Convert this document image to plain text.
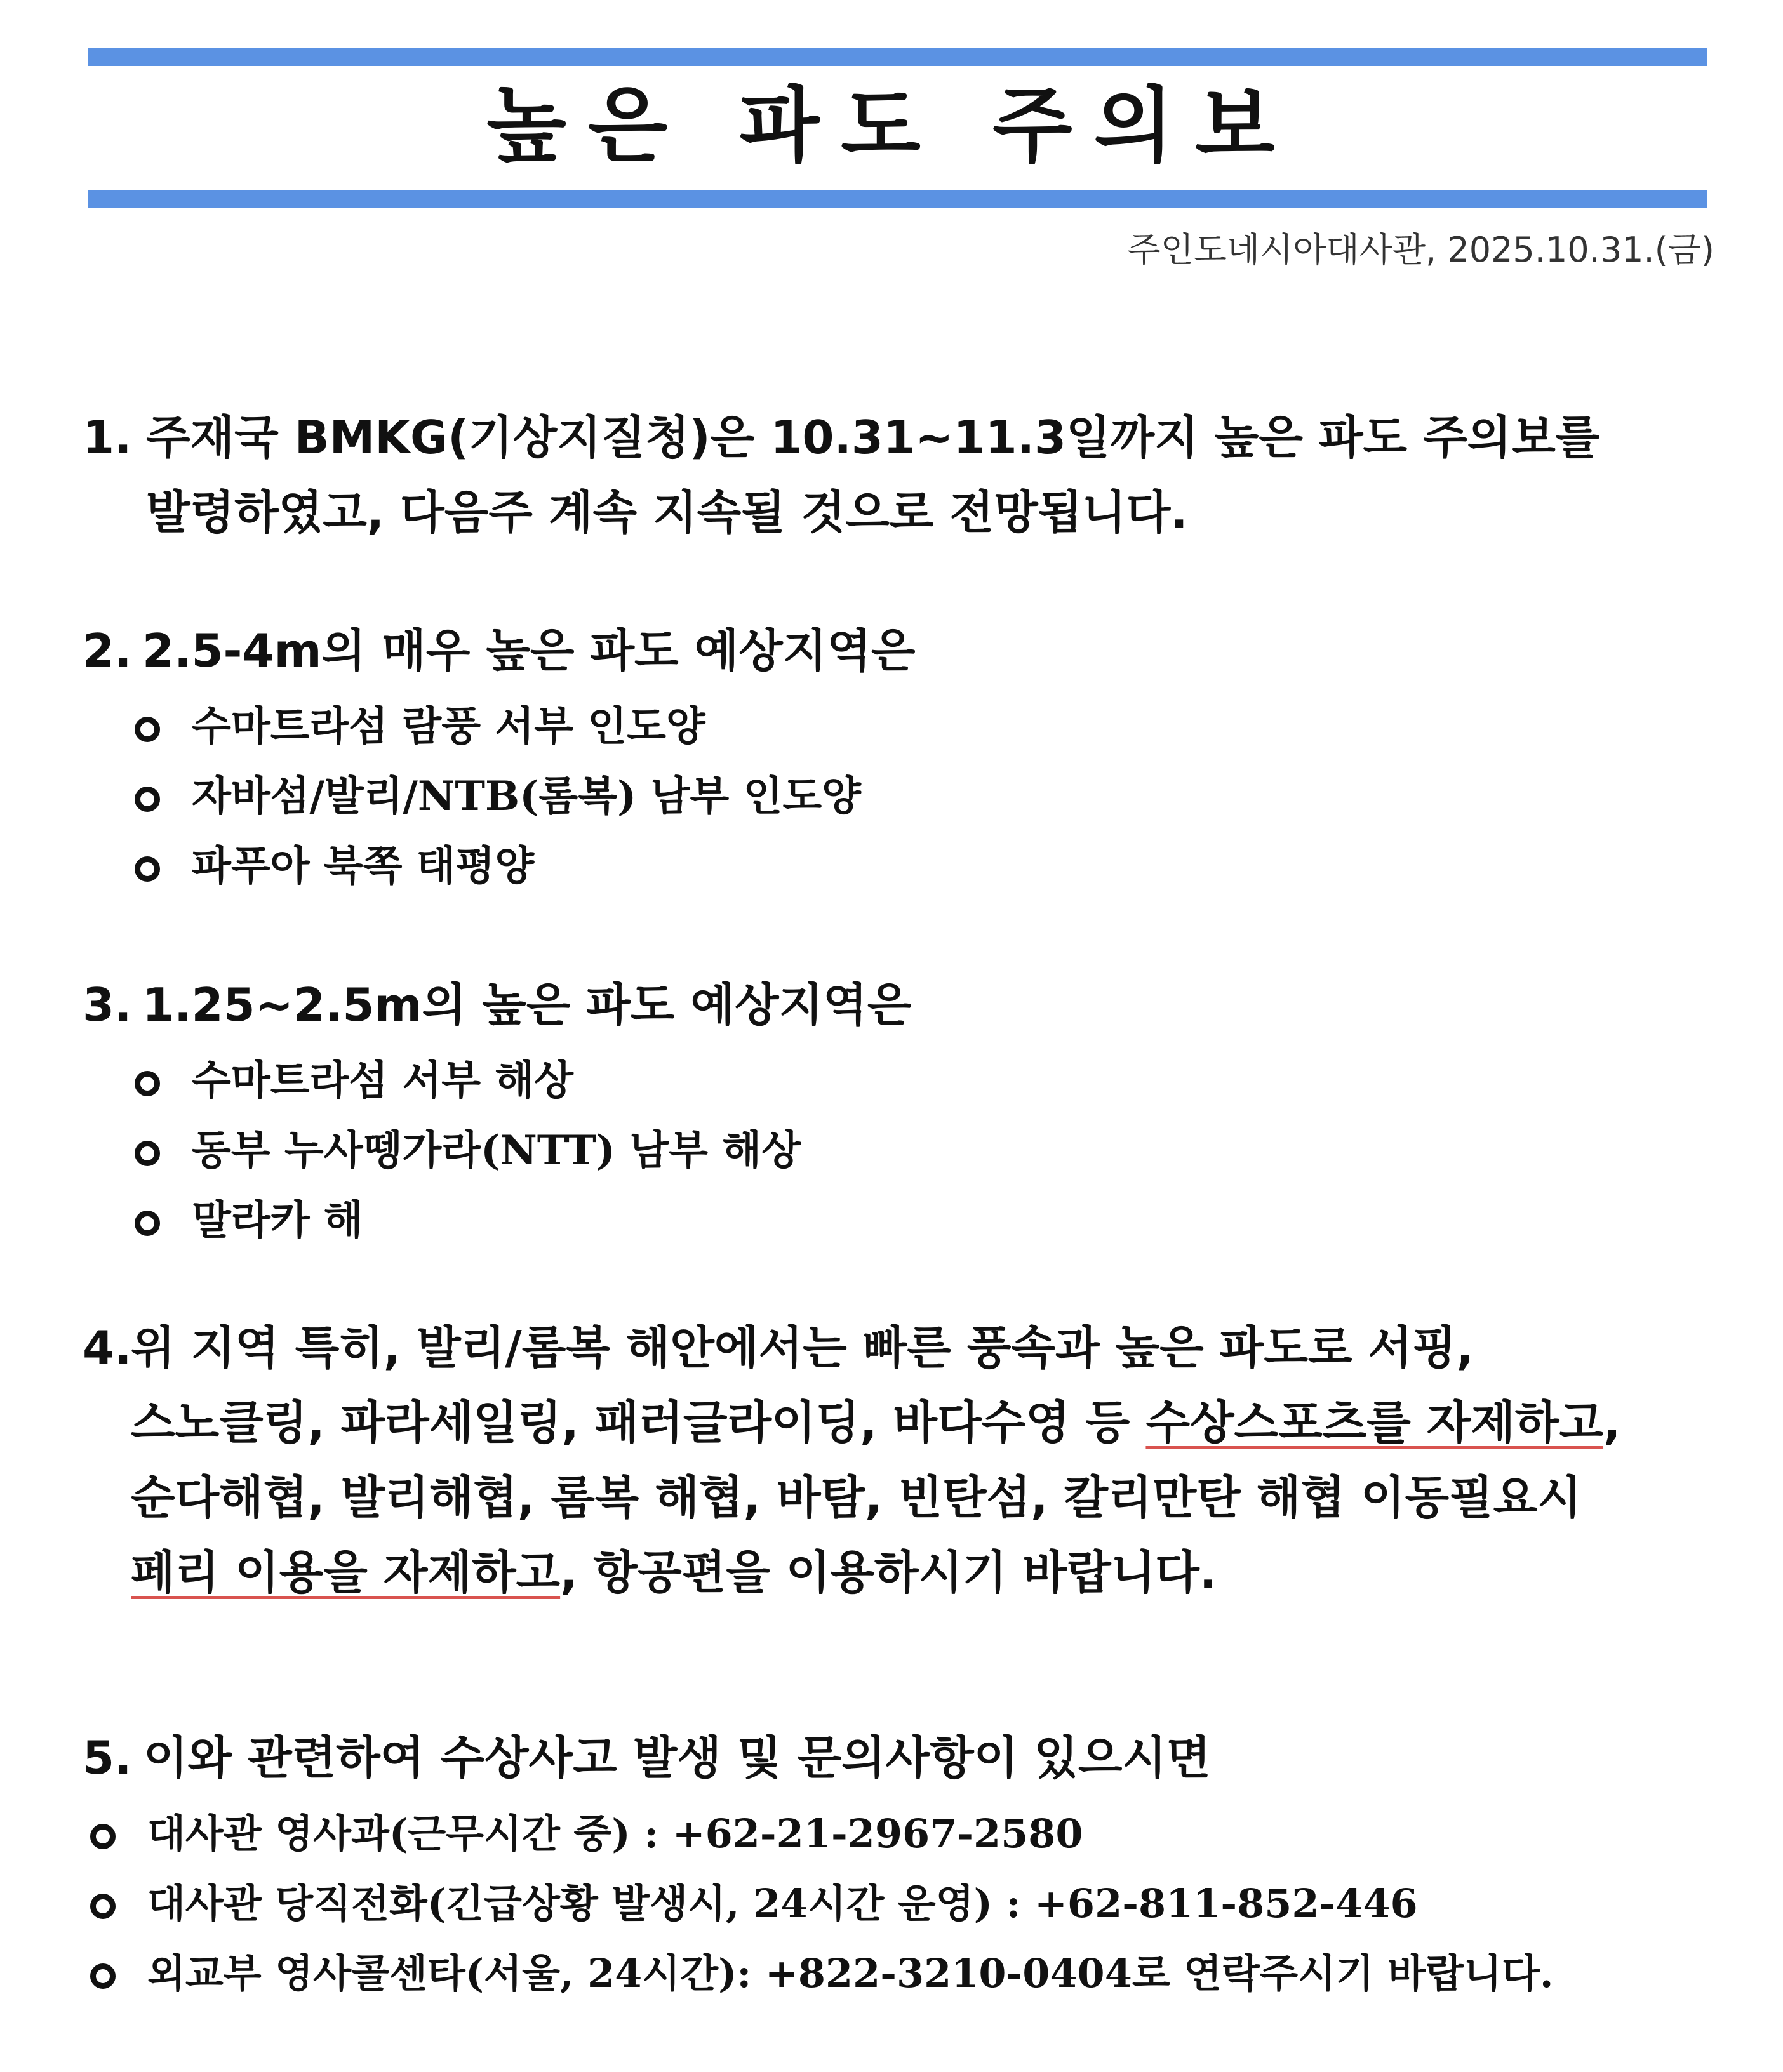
높은 파도 주의보
주인도네시아대사관, 2025.10.31.(금)
1. 주재국 BMKG(기상지질청)은 10.31~11.3일까지 높은 파도 주의보를
발령하였고, 다음주 계속 지속될 것으로 전망됩니다.
2. 2.5-4m의 매우 높은 파도 예상지역은
수마트라섬 람풍 서부 인도양
자바섬/발리/NTB(롬복) 남부 인도양
파푸아 북쪽 태평양
3. 1.25~2.5m의 높은 파도 예상지역은
수마트라섬 서부 해상
동부 누사뗑가라(NTT) 남부 해상
말라카 해
4.
위 지역 특히, 발리/롬복 해안에서는 빠른 풍속과 높은 파도로 서핑,
스노클링, 파라세일링, 패러글라이딩, 바다수영 등 수상스포츠를 자제하고,
순다해협, 발리해협, 롬복 해협, 바탐, 빈탄섬, 칼리만탄 해협 이동필요시
페리 이용을 자제하고, 항공편을 이용하시기 바랍니다.
5. 이와 관련하여 수상사고 발생 및 문의사항이 있으시면
대사관 영사과(근무시간 중) : +62-21-2967-2580
대사관 당직전화(긴급상황 발생시, 24시간 운영) : +62-811-852-446
외교부 영사콜센타(서울, 24시간): +822-3210-0404로 연락주시기 바랍니다.
